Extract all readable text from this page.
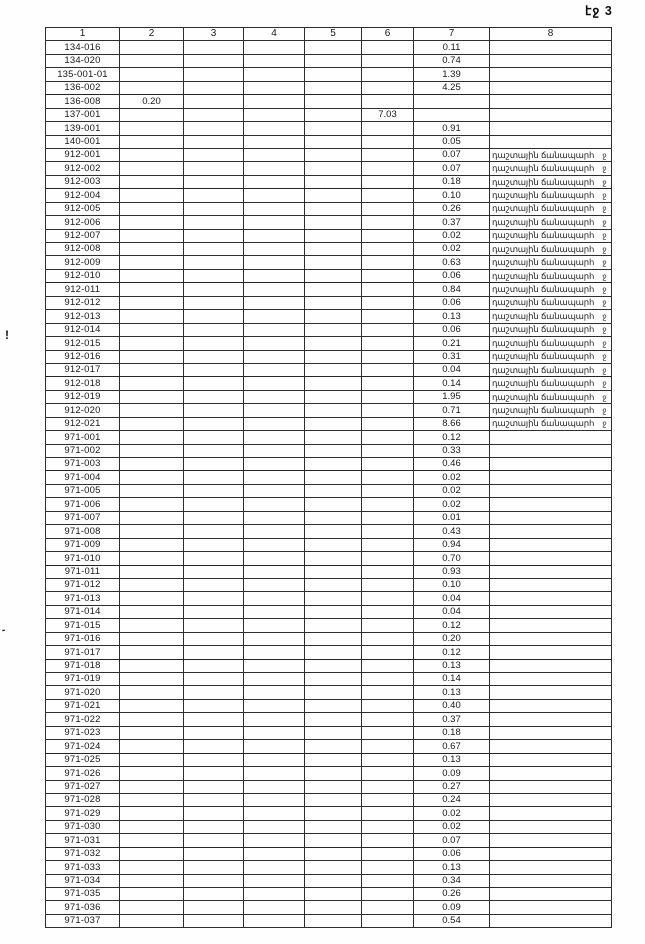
էջ 3
1	2	3	4	5	6	7	8
134-016						0.11	
134-020						0.74	
135-001-01						1.39	
136-002						4.25	
136-008	0.20						
137-001					7.03		
139-001						0.91	
140-001						0.05	
912-001						0.07	դաշտային ճանապարհ ջ
912-002						0.07	դաշտային ճանապարհ ջ
912-003						0.18	դաշտային ճանապարհ ջ
912-004						0.10	դաշտային ճանապարհ ջ
912-005						0.26	դաշտային ճանապարհ ջ
912-006						0.37	դաշտային ճանապարհ ջ
912-007						0.02	դաշտային ճանապարհ ջ
912-008						0.02	դաշտային ճանապարհ ջ
912-009						0.63	դաշտային ճանապարհ ջ
912-010						0.06	դաշտային ճանապարհ ջ
912-011						0.84	դաշտային ճանապարհ ջ
912-012						0.06	դաշտային ճանապարհ ջ
912-013						0.13	դաշտային ճանապարհ ջ
912-014						0.06	դաշտային ճանապարհ ջ
912-015						0.21	դաշտային ճանապարհ ջ
912-016						0.31	դաշտային ճանապարհ ջ
912-017						0.04	դաշտային ճանապարհ ջ
912-018						0.14	դաշտային ճանապարհ ջ
912-019						1.95	դաշտային ճանապարհ ջ
912-020						0.71	դաշտային ճանապարհ ջ
912-021						8.66	դաշտային ճանապարհ ջ
971-001						0.12	
971-002						0.33	
971-003						0.46	
971-004						0.02	
971-005						0.02	
971-006						0.02	
971-007						0.01	
971-008						0.43	
971-009						0.94	
971-010						0.70	
971-011						0.93	
971-012						0.10	
971-013						0.04	
971-014						0.04	
971-015						0.12	
971-016						0.20	
971-017						0.12	
971-018						0.13	
971-019						0.14	
971-020						0.13	
971-021						0.40	
971-022						0.37	
971-023						0.18	
971-024						0.67	
971-025						0.13	
971-026						0.09	
971-027						0.27	
971-028						0.24	
971-029						0.02	
971-030						0.02	
971-031						0.07	
971-032						0.06	
971-033						0.13	
971-034						0.34	
971-035						0.26	
971-036						0.09	
971-037						0.54	
!
-
